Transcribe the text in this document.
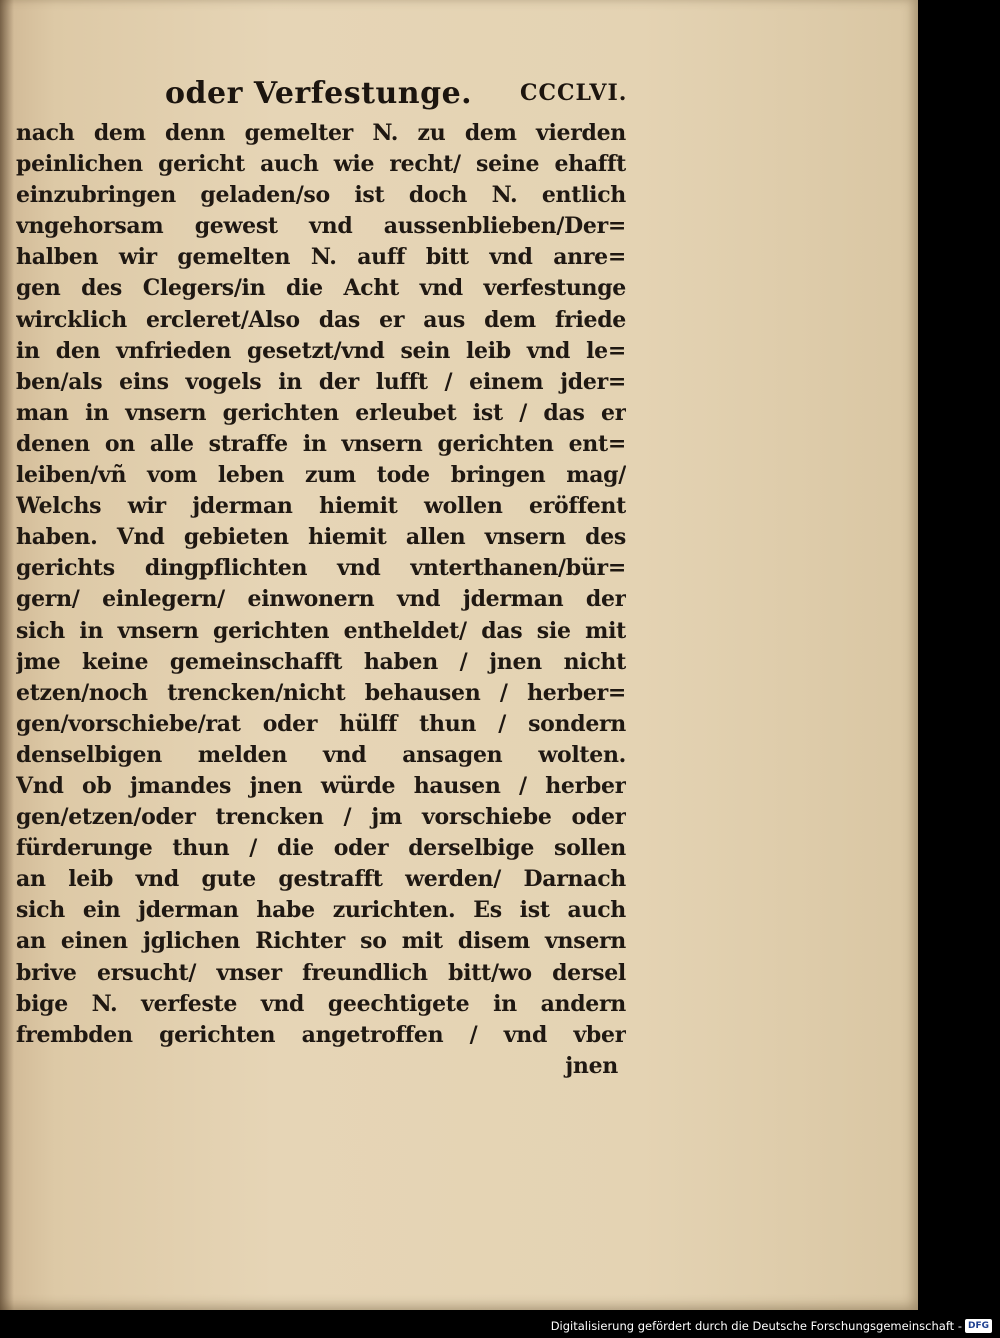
oder Verfestunge. CCCLVI.
nach dem denn gemelter N. zu dem vierden
peinlichen gericht auch wie recht/ seine ehafft
einzubringen geladen/so ist doch N. entlich
vngehorsam gewest vnd aussenblieben/Der=
halben wir gemelten N. auff bitt vnd anre=
gen des Clegers/in die Acht vnd verfestunge
wircklich ercleret/Also das er aus dem friede
in den vnfrieden gesetzt/vnd sein leib vnd le=
ben/als eins vogels in der lufft / einem jder=
man in vnsern gerichten erleubet ist / das er
denen on alle straffe in vnsern gerichten ent=
leiben/vñ vom leben zum tode bringen mag/
Welchs wir jderman hiemit wollen eröffent
haben. Vnd gebieten hiemit allen vnsern des
gerichts dingpflichten vnd vnterthanen/bür=
gern/ einlegern/ einwonern vnd jderman der
sich in vnsern gerichten entheldet/ das sie mit
jme keine gemeinschafft haben / jnen nicht
etzen/noch trencken/nicht behausen / herber=
gen/vorschiebe/rat oder hülff thun / sondern
denselbigen melden vnd ansagen wolten.
Vnd ob jmandes jnen würde hausen / herber
gen/etzen/oder trencken / jm vorschiebe oder
fürderunge thun / die oder derselbige sollen
an leib vnd gute gestrafft werden/ Darnach
sich ein jderman habe zurichten. Es ist auch
an einen jglichen Richter so mit disem vnsern
brive ersucht/ vnser freundlich bitt/wo dersel
bige N. verfeste vnd geechtigete in andern
frembden gerichten angetroffen / vnd vber
jnen
Digitalisierung gefördert durch die Deutsche Forschungsgemeinschaft - DFG
